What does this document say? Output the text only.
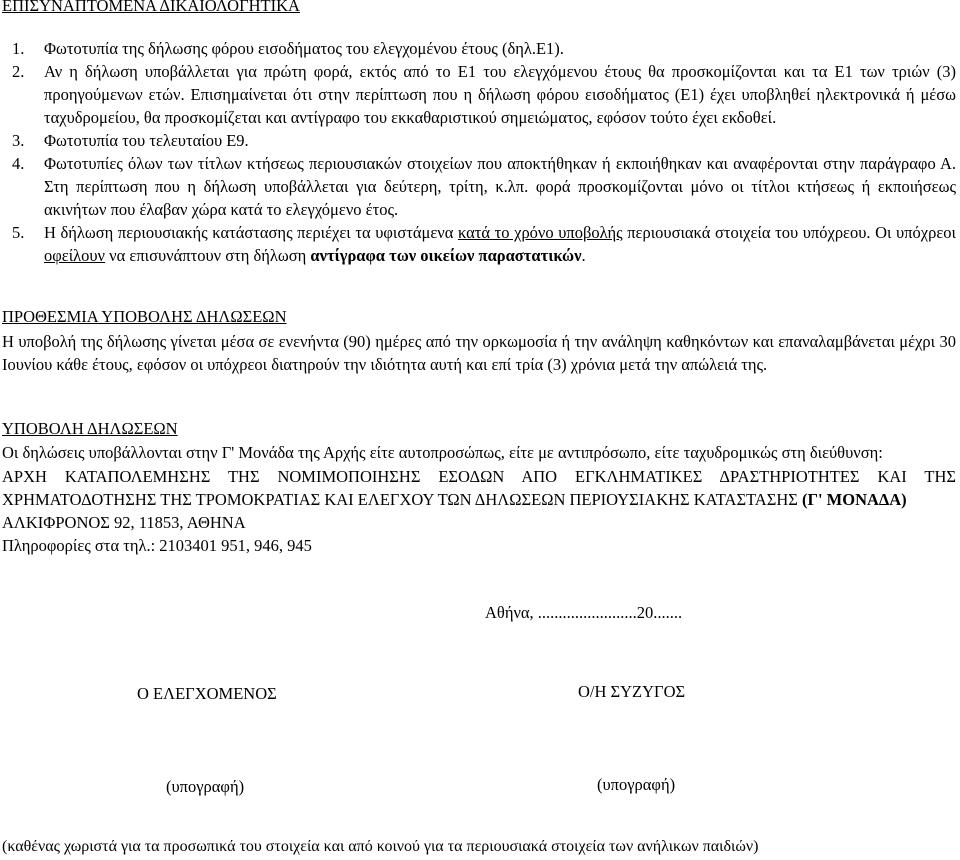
ΕΠΙΣΥΝΑΠΤΟΜΕΝΑ ΔΙΚΑΙΟΛΟΓΗΤΙΚΑ
1. Φωτοτυπία της δήλωσης φόρου εισοδήματος του ελεγχομένου έτους (δηλ.Ε1).
2. Αν η δήλωση υποβάλλεται για πρώτη φορά, εκτός από το Ε1 του ελεγχόμενου έτους θα προσκομίζονται και τα Ε1 των τριών (3) προηγούμενων ετών. Επισημαίνεται ότι στην περίπτωση που η δήλωση φόρου εισοδήματος (Ε1) έχει υποβληθεί ηλεκτρονικά ή μέσω ταχυδρομείου, θα προσκομίζεται και αντίγραφο του εκκαθαριστικού σημειώματος, εφόσον τούτο έχει εκδοθεί.
3. Φωτοτυπία του τελευταίου Ε9.
4. Φωτοτυπίες όλων των τίτλων κτήσεως περιουσιακών στοιχείων που αποκτήθηκαν ή εκποιήθηκαν και αναφέρονται στην παράγραφο Α. Στη περίπτωση που η δήλωση υποβάλλεται για δεύτερη, τρίτη, κ.λπ. φορά προσκομίζονται μόνο οι τίτλοι κτήσεως ή εκποιήσεως ακινήτων που έλαβαν χώρα κατά το ελεγχόμενο έτος.
5. Η δήλωση περιουσιακής κατάστασης περιέχει τα υφιστάμενα κατά το χρόνο υποβολής περιουσιακά στοιχεία του υπόχρεου. Οι υπόχρεοι οφείλουν να επισυνάπτουν στη δήλωση αντίγραφα των οικείων παραστατικών.

ΠΡΟΘΕΣΜΙΑ ΥΠΟΒΟΛΗΣ ΔΗΛΩΣΕΩΝ

Η υποβολή της δήλωσης γίνεται μέσα σε ενενήντα (90) ημέρες από την ορκωμοσία ή την ανάληψη καθηκόντων και επαναλαμβάνεται μέχρι 30 Ιουνίου κάθε έτους, εφόσον οι υπόχρεοι διατηρούν την ιδιότητα αυτή και επί τρία (3) χρόνια μετά την απώλειά της.

ΥΠΟΒΟΛΗ ΔΗΛΩΣΕΩΝ

Οι δηλώσεις υποβάλλονται στην Γ' Μονάδα της Αρχής είτε αυτοπροσώπως, είτε με αντιπρόσωπο, είτε ταχυδρομικώς στη διεύθυνση:

ΑΡΧΗ ΚΑΤΑΠΟΛΕΜΗΣΗΣ ΤΗΣ ΝΟΜΙΜΟΠΟΙΗΣΗΣ ΕΣΟΔΩΝ ΑΠΟ ΕΓΚΛΗΜΑΤΙΚΕΣ ΔΡΑΣΤΗΡΙΟΤΗΤΕΣ ΚΑΙ ΤΗΣ ΧΡΗΜΑΤΟΔΟΤΗΣΗΣ ΤΗΣ ΤΡΟΜΟΚΡΑΤΙΑΣ ΚΑΙ ΕΛΕΓΧΟΥ ΤΩΝ ΔΗΛΩΣΕΩΝ ΠΕΡΙΟΥΣΙΑΚΗΣ ΚΑΤΑΣΤΑΣΗΣ (Γ' ΜΟΝΑΔΑ)

ΑΛΚΙΦΡΟΝΟΣ 92, 11853, ΑΘΗΝΑ

Πληροφορίες στα τηλ.: 2103401 951, 946, 945

Αθήνα, ........................20.......
Ο ΕΛΕΓΧΟΜΕΝΟΣ	Ο/Η ΣΥΖΥΓΟΣ
(υπογραφή)	(υπογραφή)
(καθένας χωριστά για τα προσωπικά του στοιχεία και από κοινού για τα περιουσιακά στοιχεία των ανήλικων παιδιών)
